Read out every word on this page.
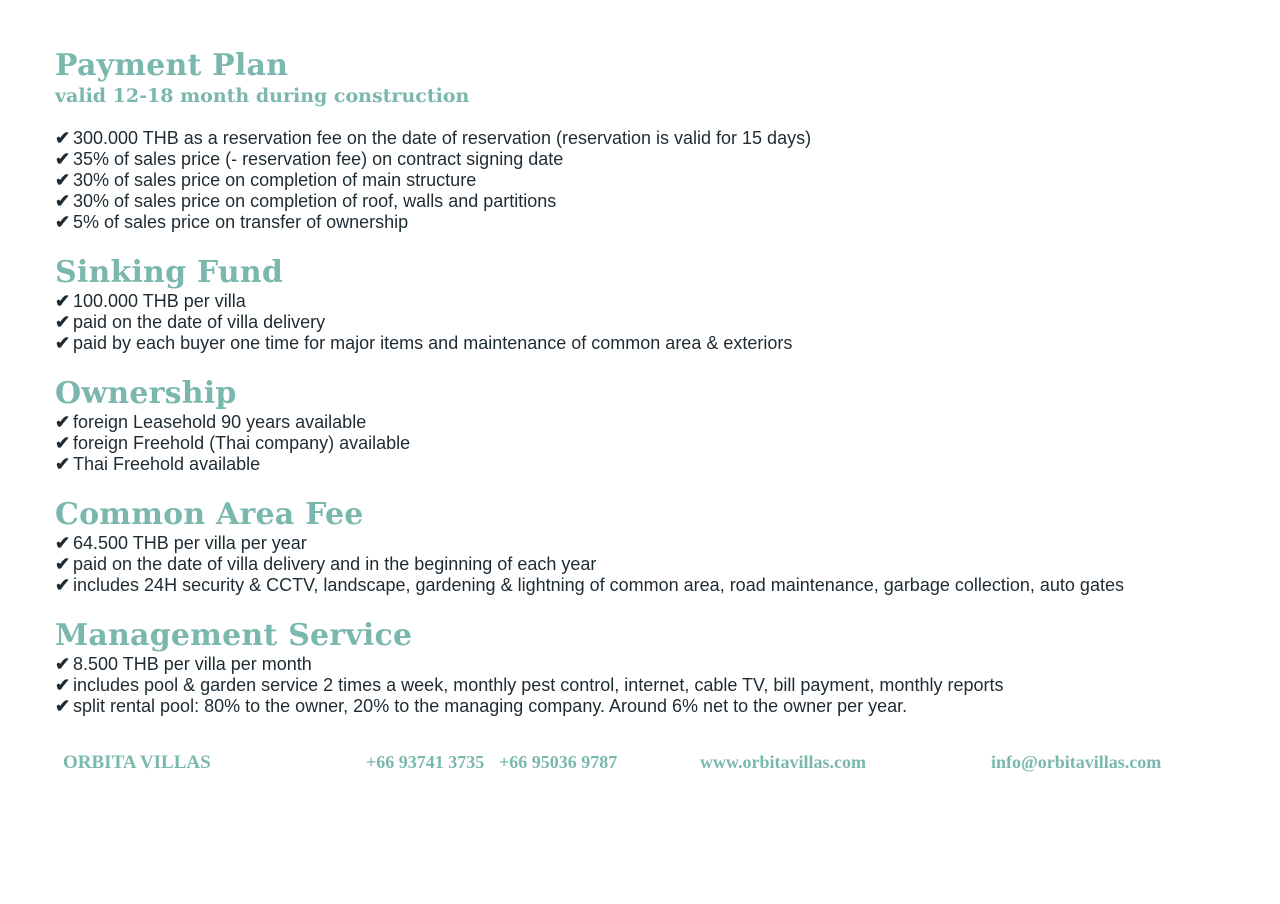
Payment Plan
valid 12-18 month during construction
✔ 300.000 THB as a reservation fee on the date of reservation (reservation is valid for 15 days)
✔ 35% of sales price (- reservation fee) on contract signing date
✔ 30% of sales price on completion of main structure
✔ 30% of sales price on completion of roof, walls and partitions
✔ 5% of sales price on transfer of ownership
Sinking Fund
✔ 100.000 THB per villa
✔ paid on the date of villa delivery
✔ paid by each buyer one time for major items and maintenance of common area & exteriors
Ownership
✔ foreign Leasehold 90 years available
✔ foreign Freehold (Thai company) available
✔ Thai Freehold available
Common Area Fee
✔ 64.500 THB per villa per year
✔ paid on the date of villa delivery and in the beginning of each year
✔ includes 24H security & CCTV, landscape, gardening & lightning of common area, road maintenance, garbage collection, auto gates
Management Service
✔ 8.500 THB per villa per month
✔ includes pool & garden service 2 times a week, monthly pest control, internet, cable TV, bill payment, monthly reports
✔ split rental pool: 80% to the owner, 20% to the managing company. Around 6% net to the owner per year.
ORBITA VILLAS	+66 93741 3735 +66 95036 9787	www.orbitavillas.com	info@orbitavillas.com
